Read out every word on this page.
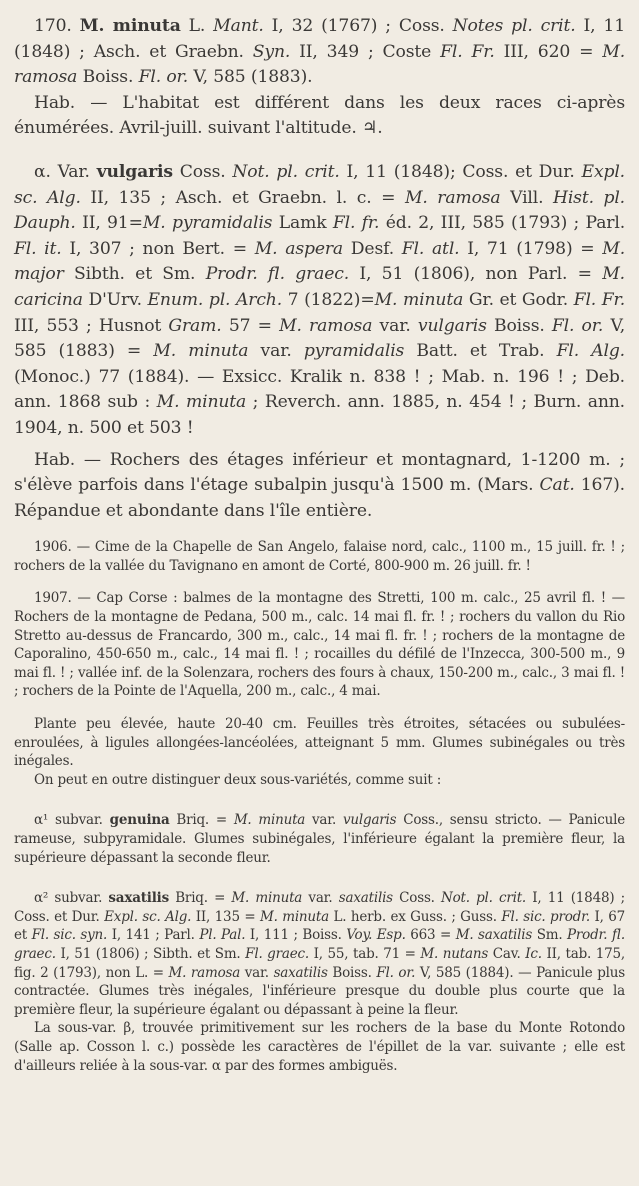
170. M. minuta L. Mant. I, 32 (1767) ; Coss. Notes pl. crit. I, 11 (1848) ; Asch. et Graebn. Syn. II, 349 ; Coste Fl. Fr. III, 620 = M. ramosa Boiss. Fl. or. V, 585 (1883).

Hab. — L'habitat est différent dans les deux races ci-après énumérées. Avril-juill. suivant l'altitude. ♃.

α. Var. vulgaris Coss. Not. pl. crit. I, 11 (1848); Coss. et Dur. Expl. sc. Alg. II, 135 ; Asch. et Graebn. l. c. = M. ramosa Vill. Hist. pl. Dauph. II, 91=M. pyramidalis Lamk Fl. fr. éd. 2, III, 585 (1793) ; Parl. Fl. it. I, 307 ; non Bert. = M. aspera Desf. Fl. atl. I, 71 (1798) = M. major Sibth. et Sm. Prodr. fl. graec. I, 51 (1806), non Parl. = M. caricina D'Urv. Enum. pl. Arch. 7 (1822)=M. minuta Gr. et Godr. Fl. Fr. III, 553 ; Husnot Gram. 57 = M. ramosa var. vulgaris Boiss. Fl. or. V, 585 (1883) = M. minuta var. pyramidalis Batt. et Trab. Fl. Alg. (Monoc.) 77 (1884). — Exsicc. Kralik n. 838 ! ; Mab. n. 196 ! ; Deb. ann. 1868 sub : M. minuta ; Reverch. ann. 1885, n. 454 ! ; Burn. ann. 1904, n. 500 et 503 !

Hab. — Rochers des étages inférieur et montagnard, 1-1200 m. ; s'élève parfois dans l'étage subalpin jusqu'à 1500 m. (Mars. Cat. 167). Répandue et abondante dans l'île entière.

1906. — Cime de la Chapelle de San Angelo, falaise nord, calc., 1100 m., 15 juill. fr. ! ; rochers de la vallée du Tavignano en amont de Corté, 800-900 m. 26 juill. fr. !

1907. — Cap Corse : balmes de la montagne des Stretti, 100 m. calc., 25 avril fl. ! — Rochers de la montagne de Pedana, 500 m., calc. 14 mai fl. fr. ! ; rochers du vallon du Rio Stretto au-dessus de Francardo, 300 m., calc., 14 mai fl. fr. ! ; rochers de la montagne de Caporalino, 450-650 m., calc., 14 mai fl. ! ; rocailles du défilé de l'Inzecca, 300-500 m., 9 mai fl. ! ; vallée inf. de la Solenzara, rochers des fours à chaux, 150-200 m., calc., 3 mai fl. ! ; rochers de la Pointe de l'Aquella, 200 m., calc., 4 mai.

Plante peu élevée, haute 20-40 cm. Feuilles très étroites, sétacées ou subulées-enroulées, à ligules allongées-lancéolées, atteignant 5 mm. Glumes subinégales ou très inégales.

On peut en outre distinguer deux sous-variétés, comme suit :

α¹ subvar. genuina Briq. = M. minuta var. vulgaris Coss., sensu stricto. — Panicule rameuse, subpyramidale. Glumes subinégales, l'inférieure égalant la première fleur, la supérieure dépassant la seconde fleur.

α² subvar. saxatilis Briq. = M. minuta var. saxatilis Coss. Not. pl. crit. I, 11 (1848) ; Coss. et Dur. Expl. sc. Alg. II, 135 = M. minuta L. herb. ex Guss. ; Guss. Fl. sic. prodr. I, 67 et Fl. sic. syn. I, 141 ; Parl. Pl. Pal. I, 111 ; Boiss. Voy. Esp. 663 = M. saxatilis Sm. Prodr. fl. graec. I, 51 (1806) ; Sibth. et Sm. Fl. graec. I, 55, tab. 71 = M. nutans Cav. Ic. II, tab. 175, fig. 2 (1793), non L. = M. ramosa var. saxatilis Boiss. Fl. or. V, 585 (1884). — Panicule plus contractée. Glumes très inégales, l'inférieure presque du double plus courte que la première fleur, la supérieure égalant ou dépassant à peine la fleur.

La sous-var. β, trouvée primitivement sur les rochers de la base du Monte Rotondo (Salle ap. Cosson l. c.) possède les caractères de l'épillet de la var. suivante ; elle est d'ailleurs reliée à la sous-var. α par des formes ambiguës.
